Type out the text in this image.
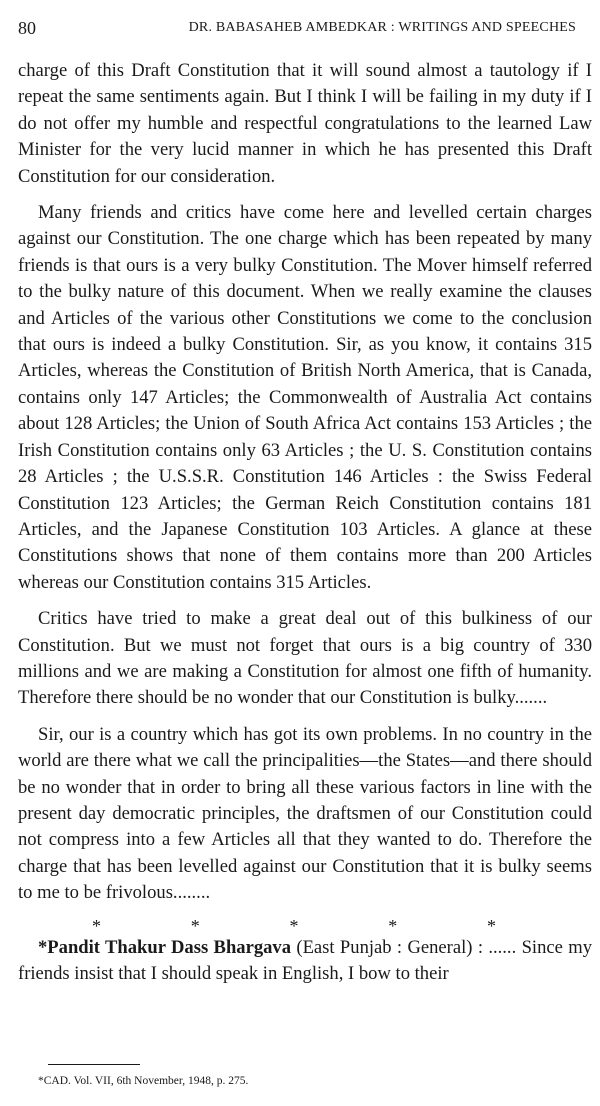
80	DR. BABASAHEB AMBEDKAR : WRITINGS AND SPEECHES

charge of this Draft Constitution that it will sound almost a tautology if I repeat the same sentiments again. But I think I will be failing in my duty if I do not offer my humble and respectful congratulations to the learned Law Minister for the very lucid manner in which he has presented this Draft Constitution for our consideration.

Many friends and critics have come here and levelled certain charges against our Constitution. The one charge which has been repeated by many friends is that ours is a very bulky Constitution. The Mover himself referred to the bulky nature of this document. When we really examine the clauses and Articles of the various other Constitutions we come to the conclusion that ours is indeed a bulky Constitution. Sir, as you know, it contains 315 Articles, whereas the Constitution of British North America, that is Canada, contains only 147 Articles; the Commonwealth of Australia Act contains about 128 Articles; the Union of South Africa Act contains 153 Articles ; the Irish Constitution contains only 63 Articles ; the U. S. Constitution contains 28 Articles ; the U.S.S.R. Constitution 146 Articles : the Swiss Federal Constitution 123 Articles; the German Reich Constitution contains 181 Articles, and the Japanese Constitution 103 Articles. A glance at these Constitutions shows that none of them contains more than 200 Articles whereas our Constitution contains 315 Articles.

Critics have tried to make a great deal out of this bulkiness of our Constitution. But we must not forget that ours is a big country of 330 millions and we are making a Constitution for almost one fifth of humanity. Therefore there should be no wonder that our Constitution is bulky.......

Sir, our is a country which has got its own problems. In no country in the world are there what we call the principalities—the States—and there should be no wonder that in order to bring all these various factors in line with the present day democratic principles, the draftsmen of our Constitution could not compress into a few Articles all that they wanted to do. Therefore the charge that has been levelled against our Constitution that it is bulky seems to me to be frivolous........

*	*	*	*	*

*Pandit Thakur Dass Bhargava (East Punjab : General) : ...... Since my friends insist that I should speak in English, I bow to their

*CAD. Vol. VII, 6th November, 1948, p. 275.
